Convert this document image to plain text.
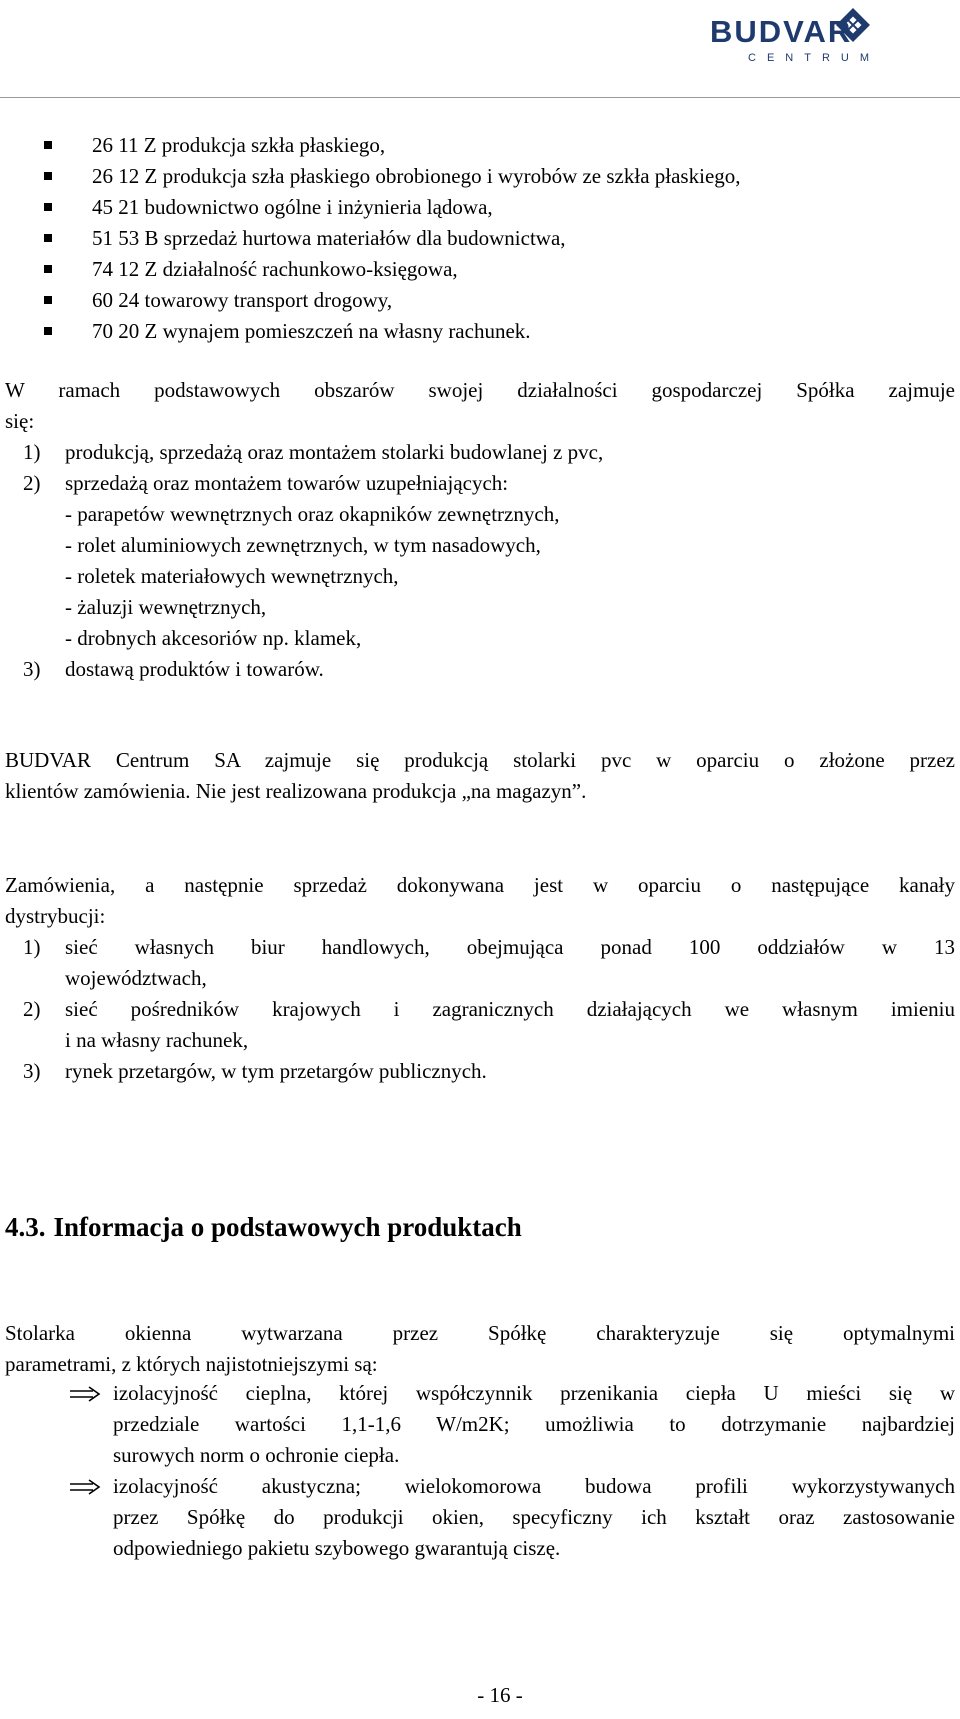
BUDVAR
CENTRUM
26 11 Z produkcja szkła płaskiego,
26 12 Z produkcja szła płaskiego obrobionego i wyrobów ze szkła płaskiego,
45 21 budownictwo ogólne i inżynieria lądowa,
51 53 B sprzedaż hurtowa materiałów dla budownictwa,
74 12 Z działalność rachunkowo-księgowa,
60 24 towarowy transport drogowy,
70 20 Z wynajem pomieszczeń na własny rachunek.
W ramach podstawowych obszarów swojej działalności gospodarczej Spółka zajmuje
się:
1) produkcją, sprzedażą oraz montażem stolarki budowlanej z pvc,
2) sprzedażą oraz montażem towarów uzupełniających:
- parapetów wewnętrznych oraz okapników zewnętrznych,
- rolet aluminiowych zewnętrznych, w tym nasadowych,
- roletek materiałowych wewnętrznych,
- żaluzji wewnętrznych,
- drobnych akcesoriów np. klamek,
3) dostawą produktów i towarów.
BUDVAR Centrum SA zajmuje się produkcją stolarki pvc w oparciu o złożone przez
klientów zamówienia. Nie jest realizowana produkcja „na magazyn”.
Zamówienia, a następnie sprzedaż dokonywana jest w oparciu o następujące kanały
dystrybucji:
1) sieć własnych biur handlowych, obejmująca ponad 100 oddziałów w 13
województwach,
2) sieć pośredników krajowych i zagranicznych działających we własnym imieniu
i na własny rachunek,
3) rynek przetargów, w tym przetargów publicznych.
4.3. Informacja o podstawowych produktach
Stolarka okienna wytwarzana przez Spółkę charakteryzuje się optymalnymi
parametrami, z których najistotniejszymi są:
izolacyjność cieplna, której współczynnik przenikania ciepła U mieści się w
przedziale wartości 1,1-1,6 W/m2K; umożliwia to dotrzymanie najbardziej
surowych norm o ochronie ciepła.
izolacyjność akustyczna; wielokomorowa budowa profili wykorzystywanych
przez Spółkę do produkcji okien, specyficzny ich kształt oraz zastosowanie
odpowiedniego pakietu szybowego gwarantują ciszę.
- 16 -
